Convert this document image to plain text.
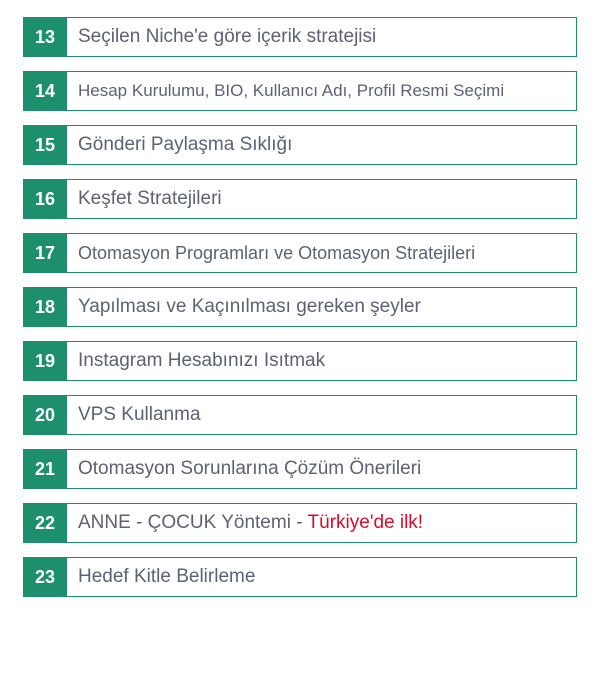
13	Seçilen Niche'e göre içerik stratejisi
14	Hesap Kurulumu, BIO, Kullanıcı Adı, Profil Resmi Seçimi
15	Gönderi Paylaşma Sıklığı
16	Keşfet Stratejileri
17	Otomasyon Programları ve Otomasyon Stratejileri
18	Yapılması ve Kaçınılması gereken şeyler
19	Instagram Hesabınızı Isıtmak
20	VPS Kullanma
21	Otomasyon Sorunlarına Çözüm Önerileri
22	ANNE - ÇOCUK Yöntemi - Türkiye'de ilk!
23	Hedef Kitle Belirleme
